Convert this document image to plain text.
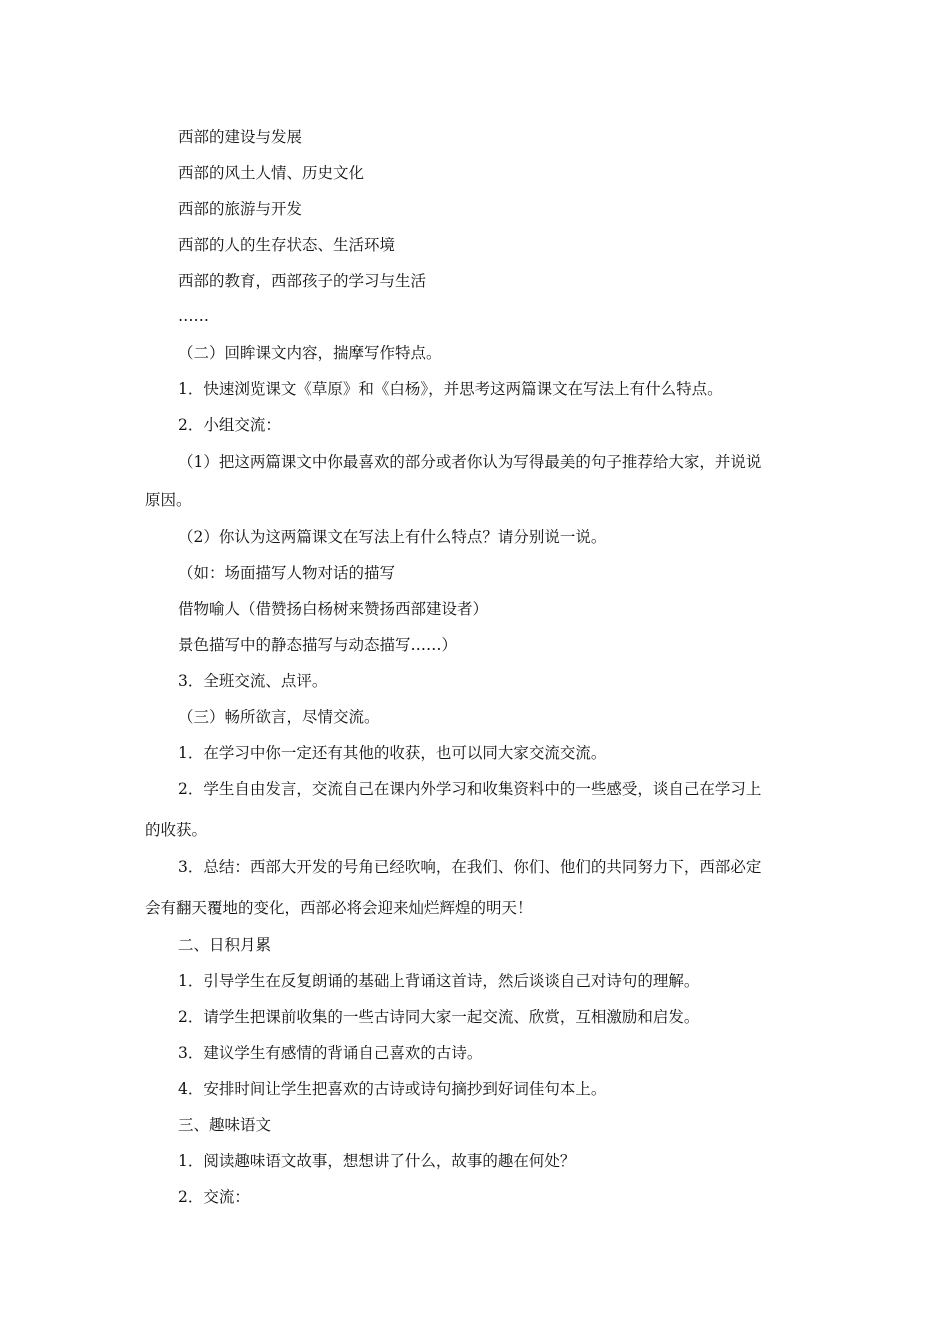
西部的建设与发展
西部的风土人情、历史文化
西部的旅游与开发
西部的人的生存状态、生活环境
西部的教育，西部孩子的学习与生活
……
（二）回眸课文内容，揣摩写作特点。
1．快速浏览课文《草原》和《白杨》，并思考这两篇课文在写法上有什么特点。
2．小组交流：
（1）把这两篇课文中你最喜欢的部分或者你认为写得最美的句子推荐给大家，并说说
原因。
（2）你认为这两篇课文在写法上有什么特点？请分别说一说。
（如：场面描写人物对话的描写
借物喻人（借赞扬白杨树来赞扬西部建设者）
景色描写中的静态描写与动态描写……）
3．全班交流、点评。
（三）畅所欲言，尽情交流。
1．在学习中你一定还有其他的收获，也可以同大家交流交流。
2．学生自由发言，交流自己在课内外学习和收集资料中的一些感受，谈自己在学习上
的收获。
3．总结：西部大开发的号角已经吹响，在我们、你们、他们的共同努力下，西部必定
会有翻天覆地的变化，西部必将会迎来灿烂辉煌的明天！
二、日积月累
1．引导学生在反复朗诵的基础上背诵这首诗，然后谈谈自己对诗句的理解。
2．请学生把课前收集的一些古诗同大家一起交流、欣赏，互相激励和启发。
3．建议学生有感情的背诵自己喜欢的古诗。
4．安排时间让学生把喜欢的古诗或诗句摘抄到好词佳句本上。
三、趣味语文
1．阅读趣味语文故事，想想讲了什么，故事的趣在何处？
2．交流：
